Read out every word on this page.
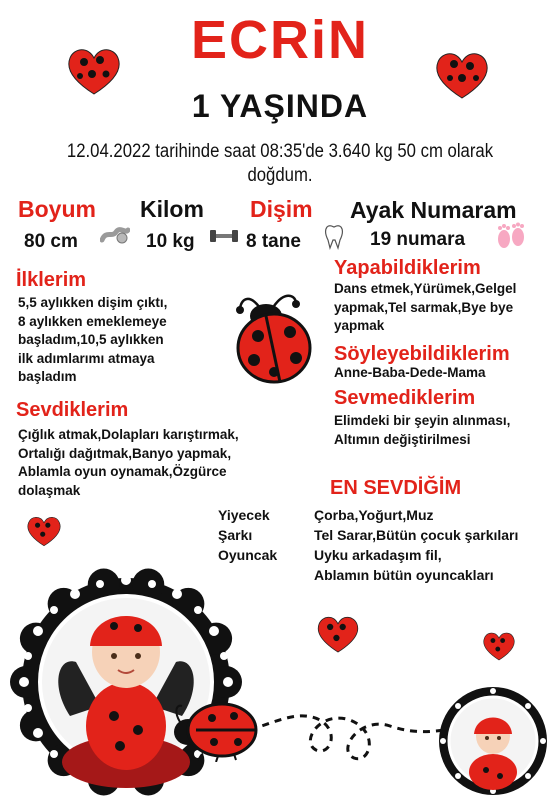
ECRiN
1 YAŞINDA
12.04.2022 tarihinde saat 08:35'de 3.640 kg 50 cm olarak doğdum.
Boyum
80 cm
Kilom
10 kg
Dişim
8 tane
Ayak Numaram
19 numara
İlklerim
5,5 aylıkken dişim çıktı,
8 aylıkken emeklemeye
başladım,10,5 aylıkken
ilk adımlarımı atmaya
başladım
Sevdiklerim
Çığlık atmak,Dolapları karıştırmak,
Ortalığı dağıtmak,Banyo yapmak,
Ablamla oyun oynamak,Özgürce
dolaşmak
Yapabildiklerim
Dans etmek,Yürümek,Gelgel
yapmak,Tel sarmak,Bye bye
yapmak
Söyleyebildiklerim
Anne-Baba-Dede-Mama
Sevmediklerim
Elimdeki bir şeyin alınması,
Altımın değiştirilmesi
EN SEVDİĞİM
Yiyecek	Çorba,Yoğurt,Muz
Şarkı	Tel Sarar,Bütün çocuk şarkıları
Oyuncak	Uyku arkadaşım fil,
Ablamın bütün oyuncakları
